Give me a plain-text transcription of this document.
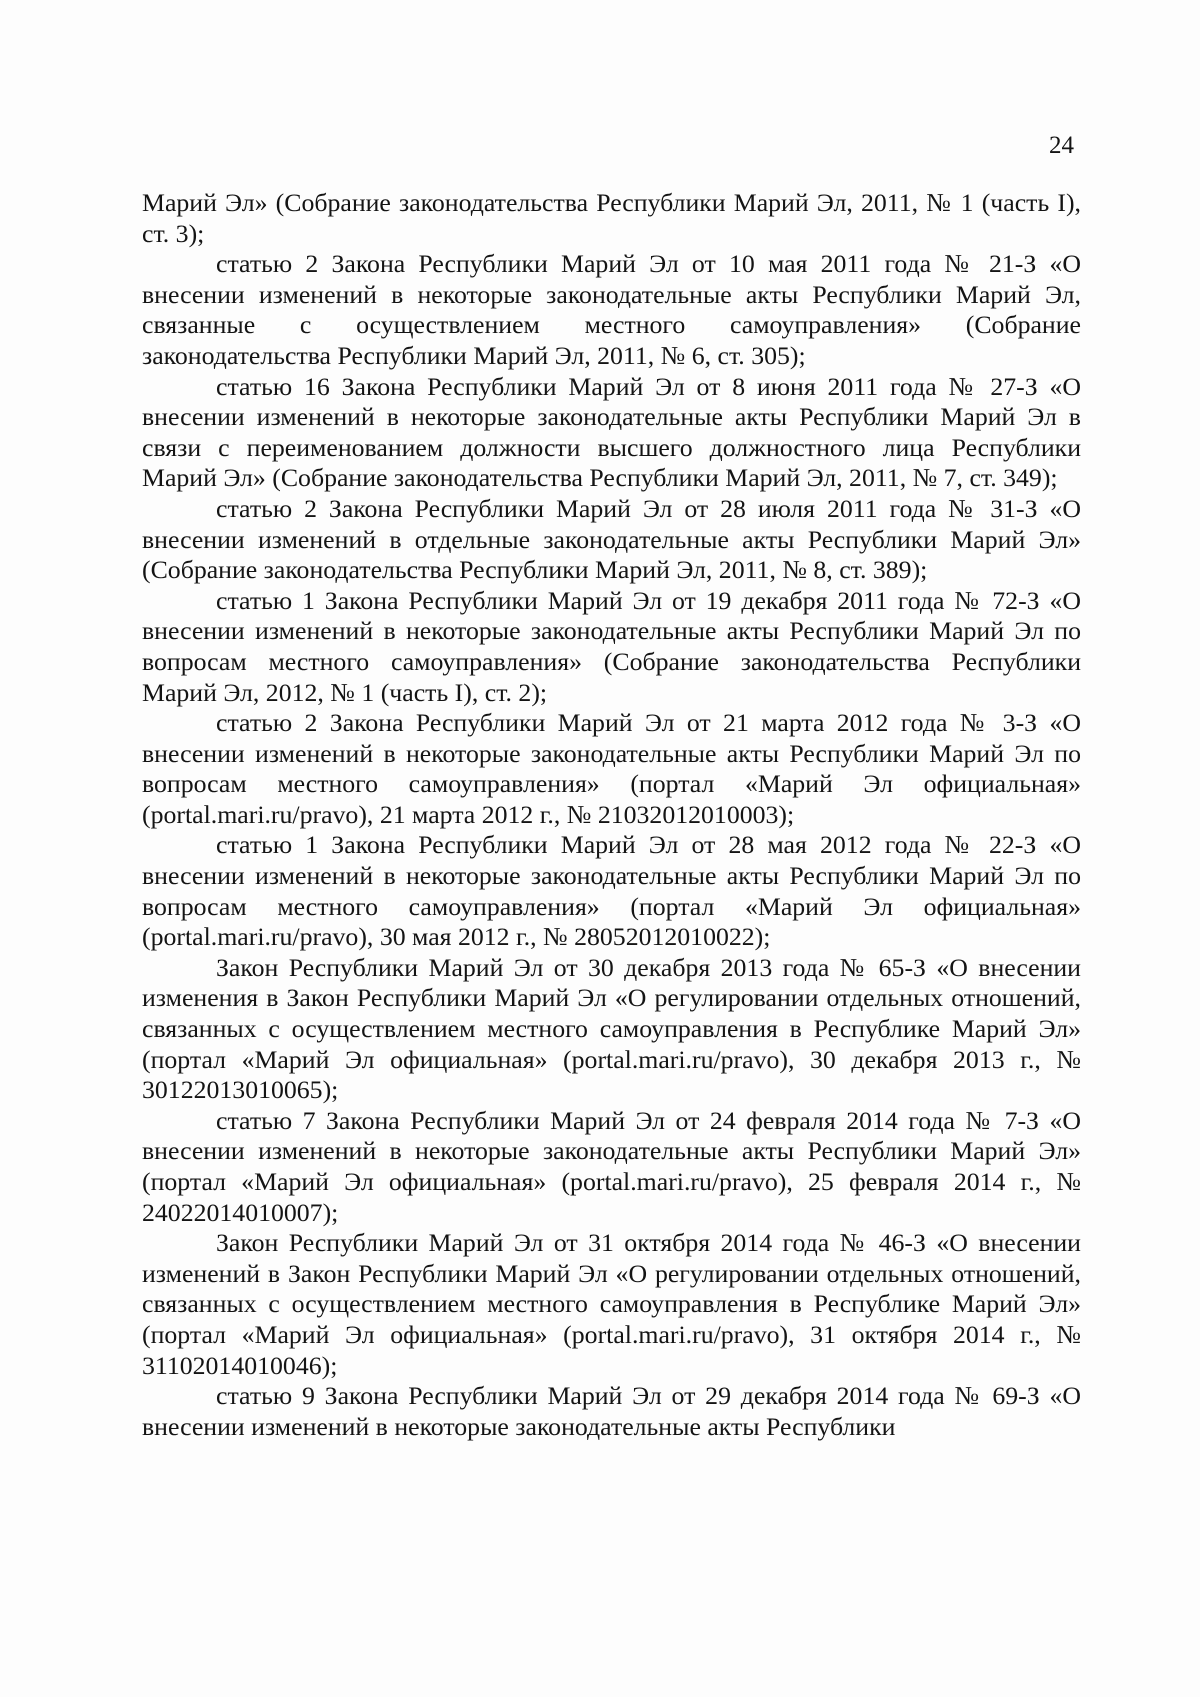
24

Марий Эл» (Собрание законодательства Республики Марий Эл, 2011, № 1 (часть I), ст. 3);

статью 2 Закона Республики Марий Эл от 10 мая 2011 года № 21-З «О внесении изменений в некоторые законодательные акты Республики Марий Эл, связанные с осуществлением местного самоуправления» (Собрание законодательства Республики Марий Эл, 2011, № 6, ст. 305);

статью 16 Закона Республики Марий Эл от 8 июня 2011 года № 27-З «О внесении изменений в некоторые законодательные акты Республики Марий Эл в связи с переименованием должности высшего должностного лица Республики Марий Эл» (Собрание законодательства Республики Марий Эл, 2011, № 7, ст. 349);

статью 2 Закона Республики Марий Эл от 28 июля 2011 года № 31-З «О внесении изменений в отдельные законодательные акты Республики Марий Эл» (Собрание законодательства Республики Марий Эл, 2011, № 8, ст. 389);

статью 1 Закона Республики Марий Эл от 19 декабря 2011 года № 72-З «О внесении изменений в некоторые законодательные акты Республики Марий Эл по вопросам местного самоуправления» (Собрание законодательства Республики Марий Эл, 2012, № 1 (часть I), ст. 2);

статью 2 Закона Республики Марий Эл от 21 марта 2012 года № 3-З «О внесении изменений в некоторые законодательные акты Республики Марий Эл по вопросам местного самоуправления» (портал «Марий Эл официальная» (portal.mari.ru/pravo), 21 марта 2012 г., № 21032012010003);

статью 1 Закона Республики Марий Эл от 28 мая 2012 года № 22-З «О внесении изменений в некоторые законодательные акты Республики Марий Эл по вопросам местного самоуправления» (портал «Марий Эл официальная» (portal.mari.ru/pravo), 30 мая 2012 г., № 28052012010022);

Закон Республики Марий Эл от 30 декабря 2013 года № 65-З «О внесении изменения в Закон Республики Марий Эл «О регулировании отдельных отношений, связанных с осуществлением местного самоуправления в Республике Марий Эл» (портал «Марий Эл официальная» (portal.mari.ru/pravo), 30 декабря 2013 г., № 30122013010065);

статью 7 Закона Республики Марий Эл от 24 февраля 2014 года № 7-З «О внесении изменений в некоторые законодательные акты Республики Марий Эл» (портал «Марий Эл официальная» (portal.mari.ru/pravo), 25 февраля 2014 г., № 24022014010007);

Закон Республики Марий Эл от 31 октября 2014 года № 46-З «О внесении изменений в Закон Республики Марий Эл «О регулировании отдельных отношений, связанных с осуществлением местного самоуправления в Республике Марий Эл» (портал «Марий Эл официальная» (portal.mari.ru/pravo), 31 октября 2014 г., № 31102014010046);

статью 9 Закона Республики Марий Эл от 29 декабря 2014 года № 69-З «О внесении изменений в некоторые законодательные акты Республики
